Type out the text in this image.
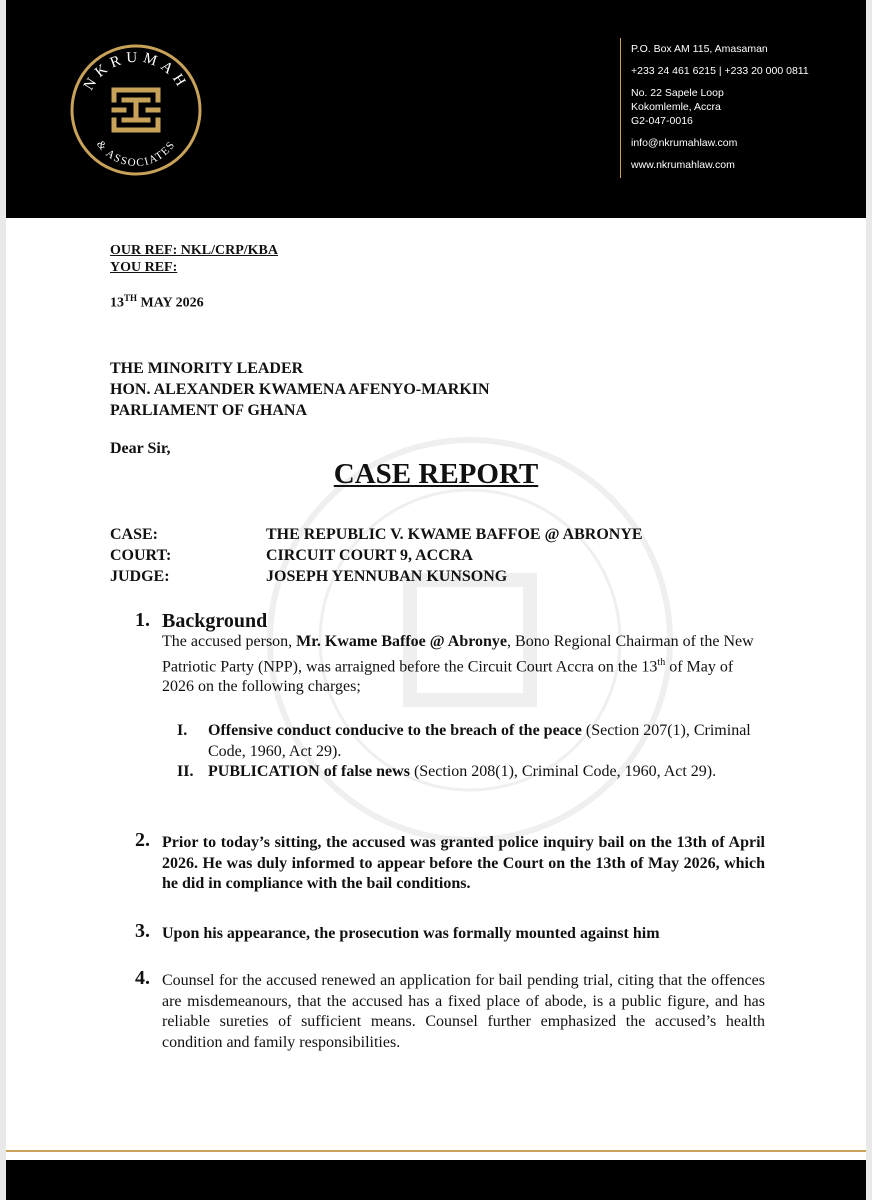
NKRUMAH
& ASSOCIATES
P.O. Box AM 115, Amasaman
+233 24 461 6215 | +233 20 000 0811
No. 22 Sapele Loop
Kokomlemle, Accra
G2-047-0016
info@nkrumahlaw.com
www.nkrumahlaw.com
OUR REF: NKL/CRP/KBA
YOU REF:
13TH MAY 2026
THE MINORITY LEADER
HON. ALEXANDER KWAMENA AFENYO-MARKIN
PARLIAMENT OF GHANA
Dear Sir,
CASE REPORT
CASE:	THE REPUBLIC V. KWAME BAFFOE @ ABRONYE
COURT:	CIRCUIT COURT 9, ACCRA
JUDGE:	JOSEPH YENNUBAN KUNSONG
1. Background
The accused person, Mr. Kwame Baffoe @ Abronye, Bono Regional Chairman of the New Patriotic Party (NPP), was arraigned before the Circuit Court Accra on the 13th of May of 2026 on the following charges;
I.	Offensive conduct conducive to the breach of the peace (Section 207(1), Criminal Code, 1960, Act 29).
II. PUBLICATION of false news (Section 208(1), Criminal Code, 1960, Act 29).
2. Prior to today’s sitting, the accused was granted police inquiry bail on the 13th of April 2026. He was duly informed to appear before the Court on the 13th of May 2026, which he did in compliance with the bail conditions.
3. Upon his appearance, the prosecution was formally mounted against him
4. Counsel for the accused renewed an application for bail pending trial, citing that the offences are misdemeanours, that the accused has a fixed place of abode, is a public figure, and has reliable sureties of sufficient means. Counsel further emphasized the accused’s health condition and family responsibilities.
